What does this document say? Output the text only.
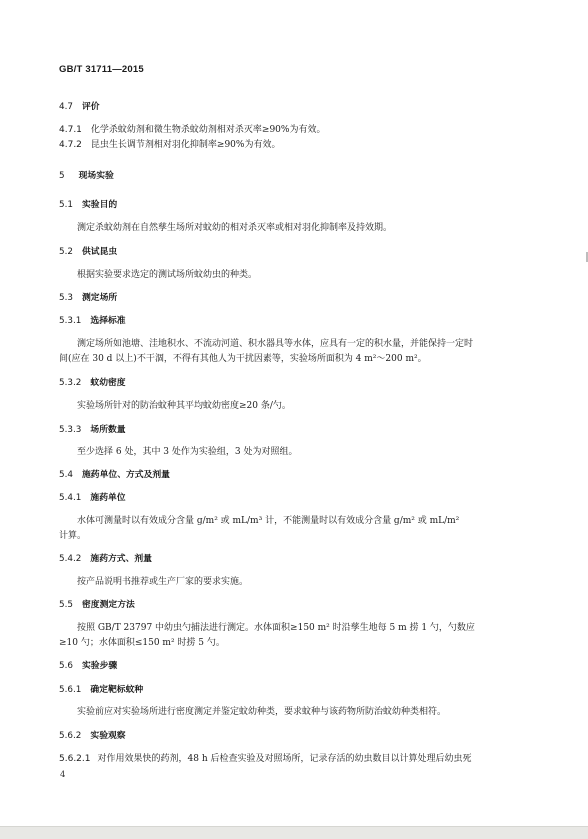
GB/T 31711—2015
4.7 评价
4.7.1 化学杀蚊幼剂和微生物杀蚊幼剂相对杀灭率≥90%为有效。
4.7.2 昆虫生长调节剂相对羽化抑制率≥90%为有效。
5 现场实验
5.1 实验目的
测定杀蚊幼剂在自然孳生场所对蚊幼的相对杀灭率或相对羽化抑制率及持效期。
5.2 供试昆虫
根据实验要求选定的测试场所蚊幼虫的种类。
5.3 测定场所
5.3.1 选择标准
测定场所如池塘、洼地积水、不流动河道、积水器具等水体，应具有一定的积水量，并能保持一定时
间(应在 30 d 以上)不干涸，不得有其他人为干扰因素等，实验场所面积为 4 m²～200 m²。
5.3.2 蚊幼密度
实验场所针对的防治蚊种其平均蚊幼密度≥20 条/勺。
5.3.3 场所数量
至少选择 6 处，其中 3 处作为实验组，3 处为对照组。
5.4 施药单位、方式及剂量
5.4.1 施药单位
水体可测量时以有效成分含量 g/m² 或 mL/m³ 计，不能测量时以有效成分含量 g/m² 或 mL/m²
计算。
5.4.2 施药方式、剂量
按产品说明书推荐或生产厂家的要求实施。
5.5 密度测定方法
按照 GB/T 23797 中幼虫勺捕法进行测定。水体面积≥150 m² 时沿孳生地每 5 m 捞 1 勺，勺数应
≥10 勺；水体面积≤150 m² 时捞 5 勺。
5.6 实验步骤
5.6.1 确定靶标蚊种
实验前应对实验场所进行密度测定并鉴定蚊幼种类，要求蚊种与该药物所防治蚊幼种类相符。
5.6.2 实验观察
5.6.2.1 对作用效果快的药剂，48 h 后检查实验及对照场所，记录存活的幼虫数目以计算处理后幼虫死
4
